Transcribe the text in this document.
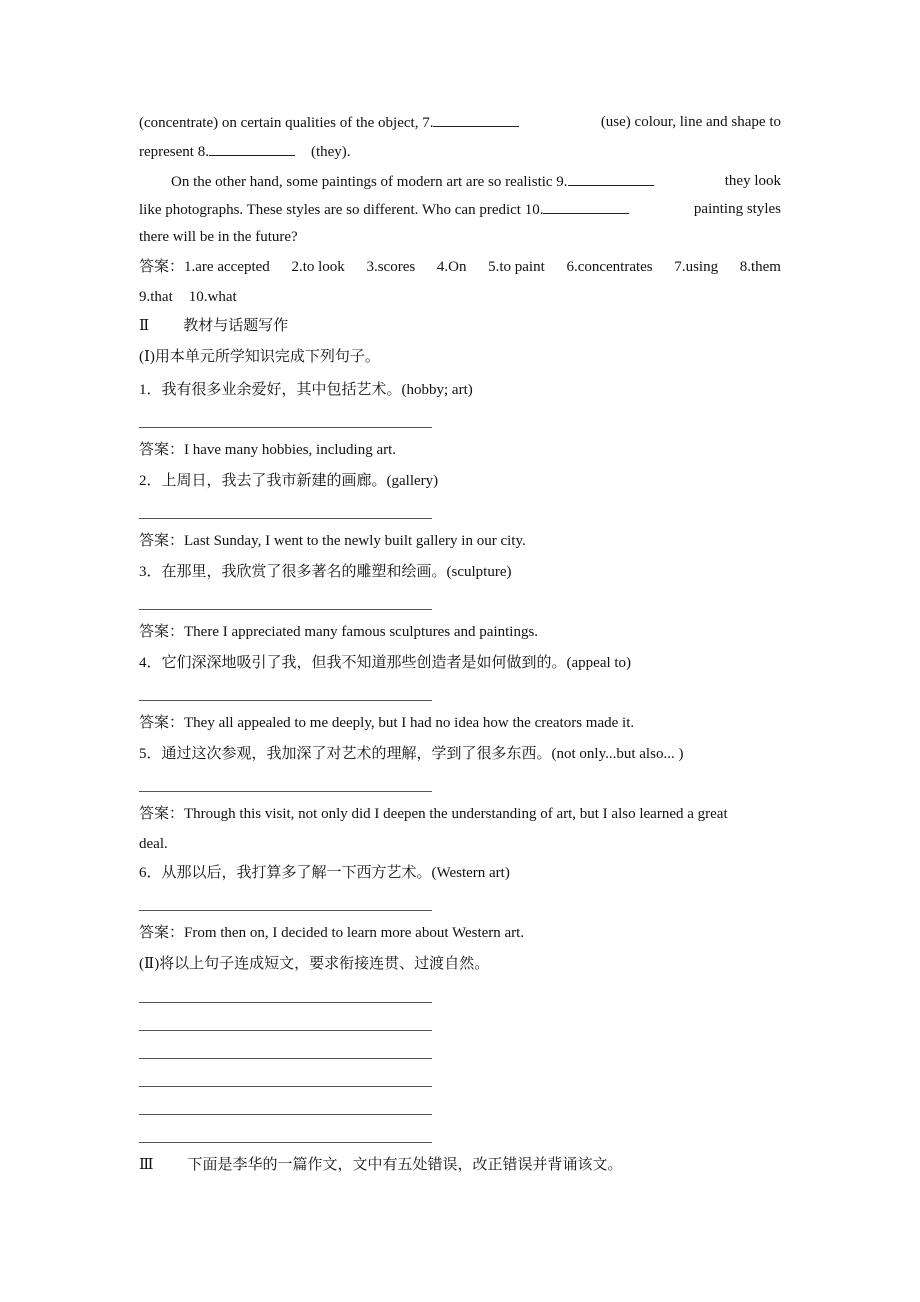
(concentrate) on certain qualities of the object, 7.	(use) colour, line and shape to
represent 8.	(they).
On the other hand, some paintings of modern art are so realistic 9.	they look
like photographs. These styles are so different. Who can predict 10.	painting styles
there will be in the future?
答案：1.are accepted 2.to look 3.scores 4.On 5.to paint 6.concentrates 7.using 8.them
9.that 10.what
Ⅱ 教材与话题写作
(Ⅰ)用本单元所学知识完成下列句子。
1．我有很多业余爱好，其中包括艺术。(hobby; art)
答案：I have many hobbies, including art.
2．上周日，我去了我市新建的画廊。(gallery)
答案：Last Sunday, I went to the newly built gallery in our city.
3．在那里，我欣赏了很多著名的雕塑和绘画。(sculpture)
答案：There I appreciated many famous sculptures and paintings.
4．它们深深地吸引了我，但我不知道那些创造者是如何做到的。(appeal to)
答案：They all appealed to me deeply, but I had no idea how the creators made it.
5．通过这次参观，我加深了对艺术的理解，学到了很多东西。(not only...but also... )
答案：Through this visit, not only did I deepen the understanding of art, but I also learned a great
deal.
6．从那以后，我打算多了解一下西方艺术。(Western art)
答案：From then on, I decided to learn more about Western art.
(Ⅱ)将以上句子连成短文，要求衔接连贯、过渡自然。
Ⅲ 下面是李华的一篇作文，文中有五处错误，改正错误并背诵该文。
